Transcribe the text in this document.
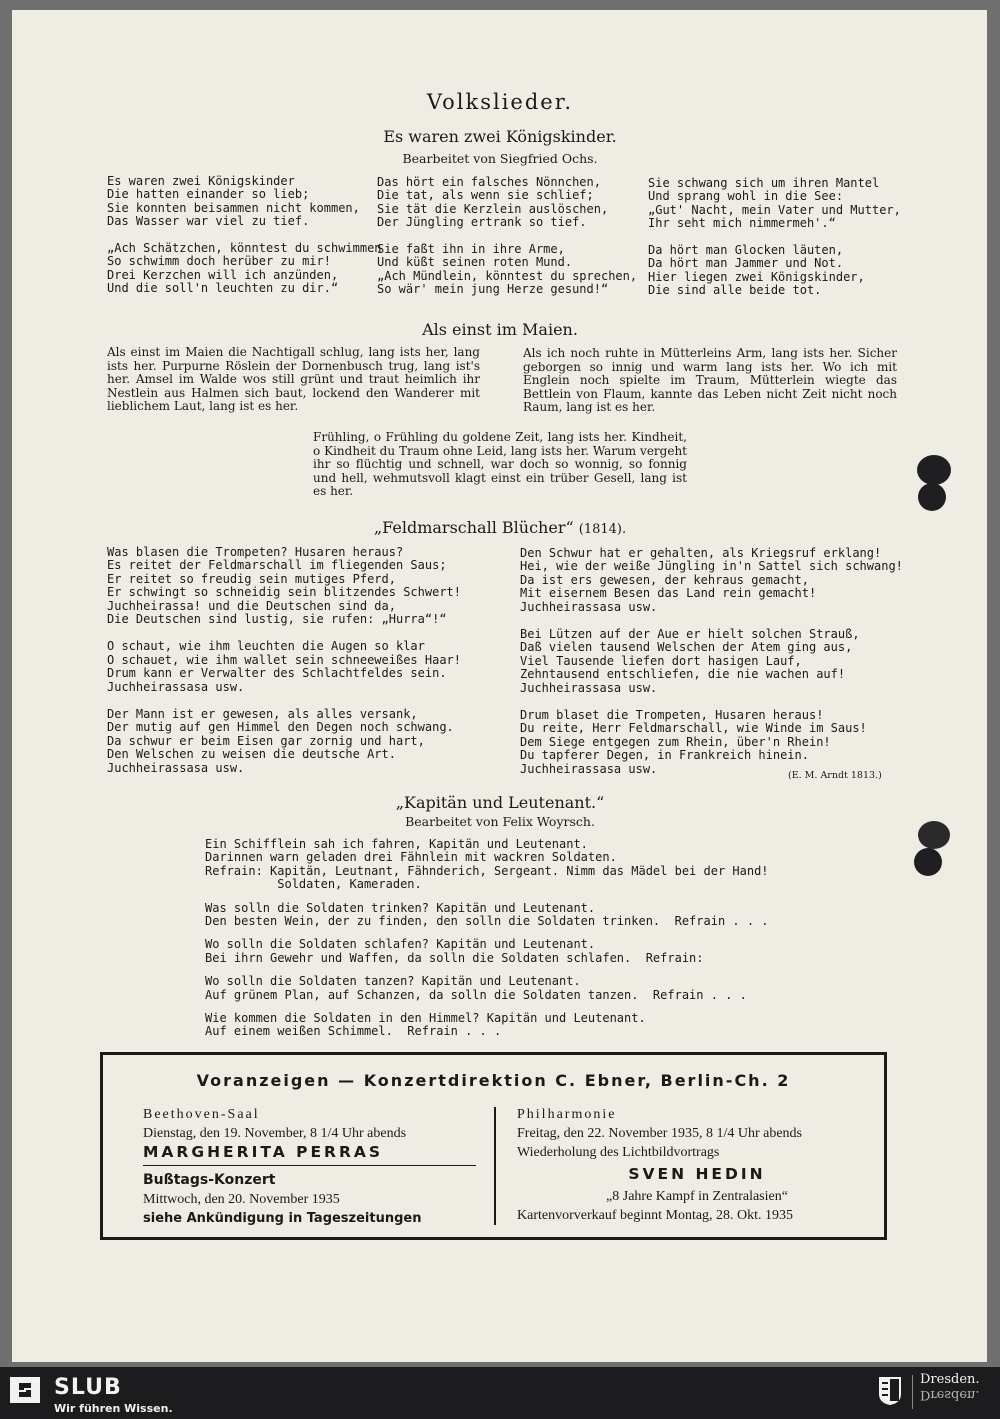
Volkslieder.
Es waren zwei Königskinder.
Bearbeitet von Siegfried Ochs.
Es waren zwei Königskinder
Die hatten einander so lieb;
Sie konnten beisammen nicht kommen,
Das Wasser war viel zu tief.

„Ach Schätzchen, könntest du schwimmen
So schwimm doch herüber zu mir!
Drei Kerzchen will ich anzünden,
Und die soll'n leuchten zu dir.“
Das hört ein falsches Nönnchen,
Die tat, als wenn sie schlief;
Sie tät die Kerzlein auslöschen,
Der Jüngling ertrank so tief.

Sie faßt ihn in ihre Arme,
Und küßt seinen roten Mund.
„Ach Mündlein, könntest du sprechen,
So wär' mein jung Herze gesund!“
Sie schwang sich um ihren Mantel
Und sprang wohl in die See:
„Gut' Nacht, mein Vater und Mutter,
Ihr seht mich nimmermeh'.“

Da hört man Glocken läuten,
Da hört man Jammer und Not.
Hier liegen zwei Königskinder,
Die sind alle beide tot.
Als einst im Maien.
Als einst im Maien die Nachtigall schlug, lang ists her, lang ists her. Purpurne Röslein der Dornenbusch trug, lang ist's her. Amsel im Walde wos still grünt und traut heimlich ihr Nestlein aus Halmen sich baut, lockend den Wanderer mit lieblichem Laut, lang ist es her.
Als ich noch ruhte in Mütterleins Arm, lang ists her. Sicher geborgen so innig und warm lang ists her. Wo ich mit Englein noch spielte im Traum, Mütterlein wiegte das Bettlein von Flaum, kannte das Leben nicht Zeit nicht noch Raum, lang ist es her.
Frühling, o Frühling du goldene Zeit, lang ists her. Kindheit, o Kindheit du Traum ohne Leid, lang ists her. Warum vergeht ihr so flüchtig und schnell, war doch so wonnig, so fonnig und hell, wehmutsvoll klagt einst ein trüber Gesell, lang ist es her.
„Feldmarschall Blücher“ (1814).
Was blasen die Trompeten? Husaren heraus?
Es reitet der Feldmarschall im fliegenden Saus;
Er reitet so freudig sein mutiges Pferd,
Er schwingt so schneidig sein blitzendes Schwert!
Juchheirassa! und die Deutschen sind da,
Die Deutschen sind lustig, sie rufen: „Hurra“!“
O schaut, wie ihm leuchten die Augen so klar
O schauet, wie ihm wallet sein schneeweißes Haar!
Drum kann er Verwalter des Schlachtfeldes sein.
Juchheirassasa usw.
Der Mann ist er gewesen, als alles versank,
Der mutig auf gen Himmel den Degen noch schwang.
Da schwur er beim Eisen gar zornig und hart,
Den Welschen zu weisen die deutsche Art.
Juchheirassasa usw.
Den Schwur hat er gehalten, als Kriegsruf erklang!
Hei, wie der weiße Jüngling in'n Sattel sich schwang!
Da ist ers gewesen, der kehraus gemacht,
Mit eisernem Besen das Land rein gemacht!
Juchheirassasa usw.
Bei Lützen auf der Aue er hielt solchen Strauß,
Daß vielen tausend Welschen der Atem ging aus,
Viel Tausende liefen dort hasigen Lauf,
Zehntausend entschliefen, die nie wachen auf!
Juchheirassasa usw.
Drum blaset die Trompeten, Husaren heraus!
Du reite, Herr Feldmarschall, wie Winde im Saus!
Dem Siege entgegen zum Rhein, über'n Rhein!
Du tapferer Degen, in Frankreich hinein.
Juchheirassasa usw.	(E. M. Arndt 1813.)
„Kapitän und Leutenant.“
Bearbeitet von Felix Woyrsch.
Ein Schifflein sah ich fahren, Kapitän und Leutenant.
Darinnen warn geladen drei Fähnlein mit wackren Soldaten.
Refrain: Kapitän, Leutnant, Fähnderich, Sergeant. Nimm das Mädel bei der Hand!
Soldaten, Kameraden.
Was solln die Soldaten trinken? Kapitän und Leutenant.
Den besten Wein, der zu finden, den solln die Soldaten trinken.  Refrain . . .
Wo solln die Soldaten schlafen? Kapitän und Leutenant.
Bei ihrn Gewehr und Waffen, da solln die Soldaten schlafen.  Refrain:
Wo solln die Soldaten tanzen? Kapitän und Leutenant.
Auf grünem Plan, auf Schanzen, da solln die Soldaten tanzen.  Refrain . . .
Wie kommen die Soldaten in den Himmel? Kapitän und Leutenant.
Auf einem weißen Schimmel.  Refrain . . .
Voranzeigen — Konzertdirektion C. Ebner, Berlin-Ch. 2
Beethoven-Saal
Dienstag, den 19. November, 8 1/4 Uhr abends
MARGHERITA PERRAS
Bußtags-Konzert
Mittwoch, den 20. November 1935
siehe Ankündigung in Tageszeitungen
Philharmonie
Freitag, den 22. November 1935, 8 1/4 Uhr abends
Wiederholung des Lichtbildvortrags
SVEN HEDIN
„8 Jahre Kampf in Zentralasien“
Kartenvorverkauf beginnt Montag, 28. Okt. 1935
SLUB
Wir führen Wissen.
Dresden.
Dresden.
